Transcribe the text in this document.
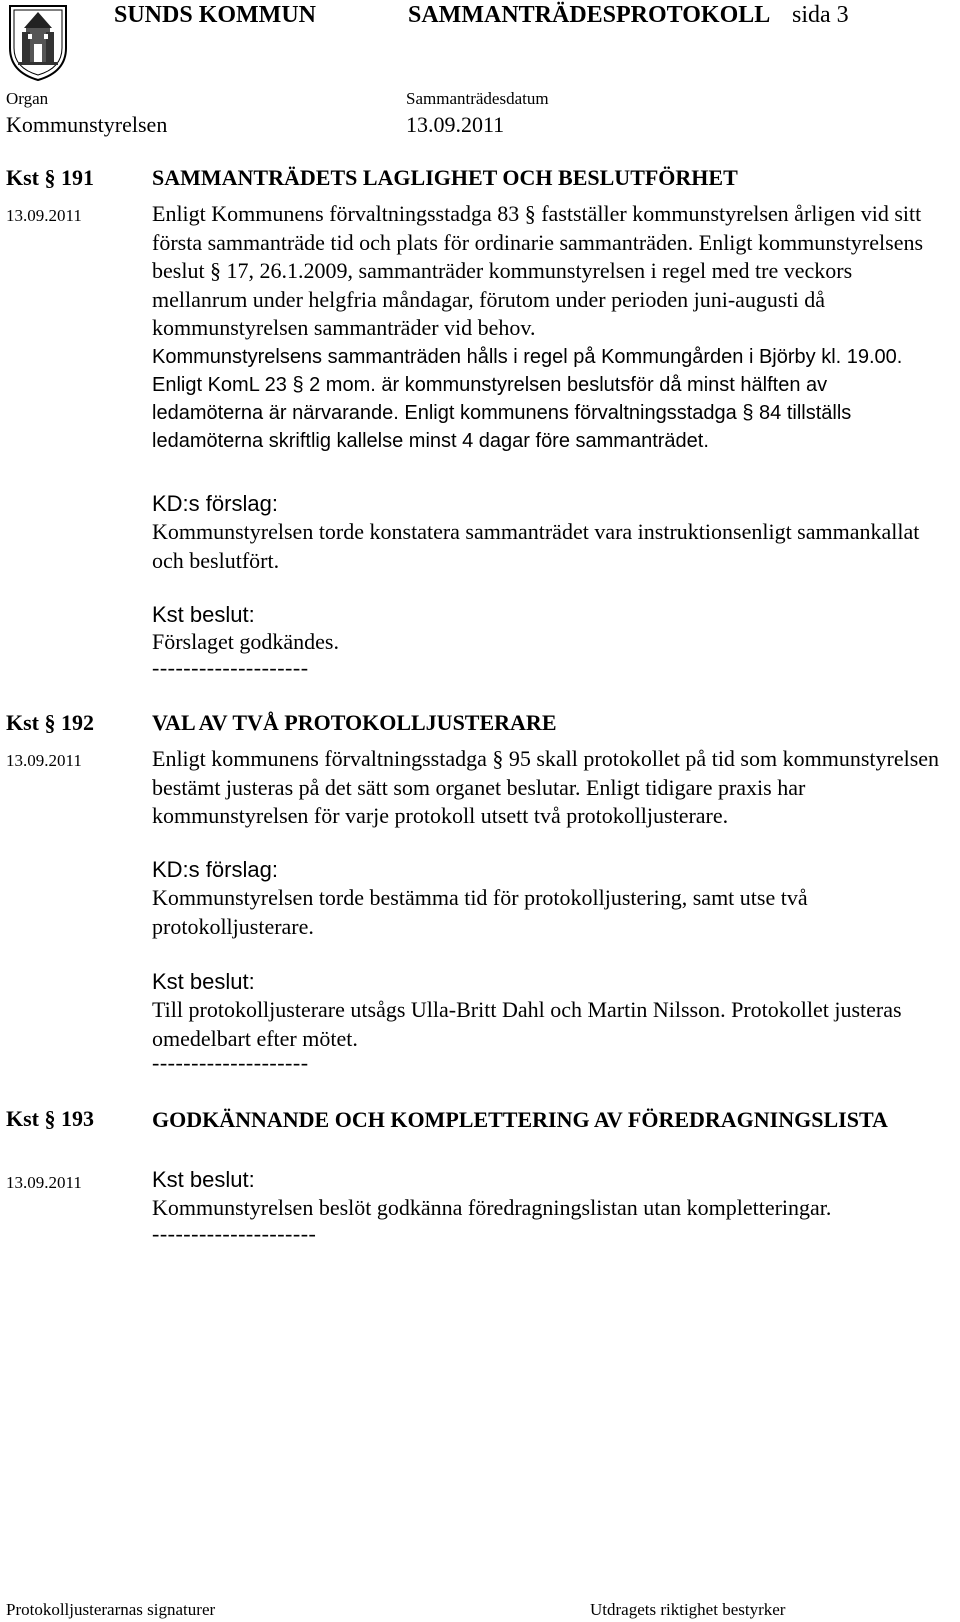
SUNDS KOMMUN	SAMMANTRÄDESPROTOKOLL sida 3
Organ	Sammanträdesdatum
Kommunstyrelsen	13.09.2011
Kst § 191	SAMMANTRÄDETS LAGLIGHET OCH BESLUTFÖRHET
13.09.2011	Enligt Kommunens förvaltningsstadga 83 § fastställer kommunstyrelsen årligen vid sitt första sammanträde tid och plats för ordinarie sammanträden. Enligt kommunstyrelsens beslut § 17, 26.1.2009, sammanträder kommunstyrelsen i regel med tre veckors mellanrum under helgfria måndagar, förutom under perioden juni-augusti då kommunstyrelsen sammanträder vid behov.
Kommunstyrelsens sammanträden hålls i regel på Kommungården i Björby kl. 19.00. Enligt KomL 23 § 2 mom. är kommunstyrelsen beslutsför då minst hälften av ledamöterna är närvarande. Enligt kommunens förvaltningsstadga § 84 tillställs ledamöterna skriftlig kallelse minst 4 dagar före sammanträdet.
KD:s förslag:
Kommunstyrelsen torde konstatera sammanträdet vara instruktionsenligt sammankallat och beslutfört.
Kst beslut:
Förslaget godkändes.
--------------------
Kst § 192	VAL AV TVÅ PROTOKOLLJUSTERARE
13.09.2011	Enligt kommunens förvaltningsstadga § 95 skall protokollet på tid som kommunstyrelsen bestämt justeras på det sätt som organet beslutar. Enligt tidigare praxis har kommunstyrelsen för varje protokoll utsett två protokolljusterare.
KD:s förslag:
Kommunstyrelsen torde bestämma tid för protokolljustering, samt utse två protokolljusterare.
Kst beslut:
Till protokolljusterare utsågs Ulla-Britt Dahl och Martin Nilsson. Protokollet justeras omedelbart efter mötet.
--------------------
Kst § 193	GODKÄNNANDE OCH KOMPLETTERING AV FÖREDRAGNINGSLISTA
13.09.2011	Kst beslut:
Kommunstyrelsen beslöt godkänna föredragningslistan utan kompletteringar.
---------------------
Protokolljusterarnas signaturer	Utdragets riktighet bestyrker
